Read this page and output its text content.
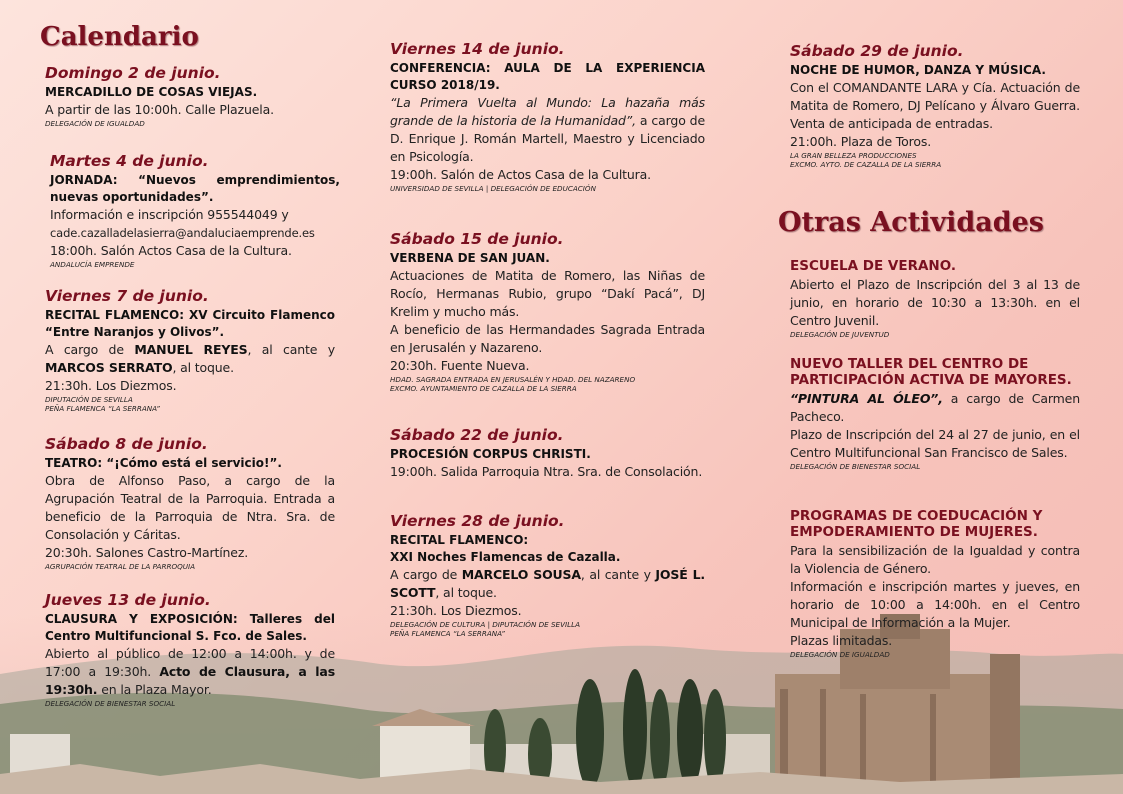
Calendario

Domingo 2 de junio.

MERCADILLO DE COSAS VIEJAS.

A partir de las 10:00h. Calle Plazuela.

DELEGACIÓN DE IGUALDAD

Martes 4 de junio.

JORNADA: “Nuevos emprendimientos, nuevas oportunidades”.

Información e inscripción 955544049 y

cade.cazalladelasierra@andaluciaemprende.es

18:00h. Salón Actos Casa de la Cultura.

ANDALUCÍA EMPRENDE

Viernes 7 de junio.

RECITAL FLAMENCO: XV Circuito Flamenco “Entre Naranjos y Olivos”.

A cargo de MANUEL REYES, al cante y MARCOS SERRATO, al toque.

21:30h. Los Diezmos.

DIPUTACIÓN DE SEVILLA

PEÑA FLAMENCA “LA SERRANA”

Sábado 8 de junio.

TEATRO: “¡Cómo está el servicio!”.

Obra de Alfonso Paso, a cargo de la Agrupación Teatral de la Parroquia. Entrada a beneficio de la Parroquia de Ntra. Sra. de Consolación y Cáritas.

20:30h. Salones Castro-Martínez.

AGRUPACIÓN TEATRAL DE LA PARROQUIA

Jueves 13 de junio.

CLAUSURA Y EXPOSICIÓN: Talleres del Centro Multifuncional S. Fco. de Sales.

Abierto al público de 12:00 a 14:00h. y de 17:00 a 19:30h. Acto de Clausura, a las 19:30h. en la Plaza Mayor.

DELEGACIÓN DE BIENESTAR SOCIAL

Viernes 14 de junio.

CONFERENCIA: AULA DE LA EXPERIENCIA CURSO 2018/19.

“La Primera Vuelta al Mundo: La hazaña más grande de la historia de la Humanidad”, a cargo de D. Enrique J. Román Martell, Maestro y Licenciado en Psicología.

19:00h. Salón de Actos Casa de la Cultura.

UNIVERSIDAD DE SEVILLA | DELEGACIÓN DE EDUCACIÓN

Sábado 15 de junio.

VERBENA DE SAN JUAN.

Actuaciones de Matita de Romero, las Niñas de Rocío, Hermanas Rubio, grupo “Dakí Pacá”, DJ Krelim y mucho más.

A beneficio de las Hermandades Sagrada Entrada en Jerusalén y Nazareno.

20:30h. Fuente Nueva.

HDAD. SAGRADA ENTRADA EN JERUSALÉN Y HDAD. DEL NAZARENO

EXCMO. AYUNTAMIENTO DE CAZALLA DE LA SIERRA

Sábado 22 de junio.

PROCESIÓN CORPUS CHRISTI.

19:00h. Salida Parroquia Ntra. Sra. de Consolación.

Viernes 28 de junio.

RECITAL FLAMENCO:

XXI Noches Flamencas de Cazalla.

A cargo de MARCELO SOUSA, al cante y JOSÉ L. SCOTT, al toque.

21:30h. Los Diezmos.

DELEGACIÓN DE CULTURA | DIPUTACIÓN DE SEVILLA

PEÑA FLAMENCA “LA SERRANA”

Sábado 29 de junio.

NOCHE DE HUMOR, DANZA Y MÚSICA.

Con el COMANDANTE LARA y Cía. Actuación de Matita de Romero, DJ Pelícano y Álvaro Guerra. Venta de anticipada de entradas.

21:00h. Plaza de Toros.

LA GRAN BELLEZA PRODUCCIONES

EXCMO. AYTO. DE CAZALLA DE LA SIERRA

ESCUELA DE VERANO.

Abierto el Plazo de Inscripción del 3 al 13 de junio, en horario de 10:30 a 13:30h. en el Centro Juvenil.

DELEGACIÓN DE JUVENTUD

NUEVO TALLER DEL CENTRO DE PARTICIPACIÓN ACTIVA DE MAYORES.

“PINTURA AL ÓLEO”, a cargo de Carmen Pacheco.

Plazo de Inscripción del 24 al 27 de junio, en el Centro Multifuncional San Francisco de Sales.

DELEGACIÓN DE BIENESTAR SOCIAL

PROGRAMAS DE COEDUCACIÓN Y EMPODERAMIENTO DE MUJERES.

Para la sensibilización de la Igualdad y contra la Violencia de Género.

Información e inscripción martes y jueves, en horario de 10:00 a 14:00h. en el Centro Municipal de Información a la Mujer.

Plazas limitadas.

DELEGACIÓN DE IGUALDAD

Otras Actividades
